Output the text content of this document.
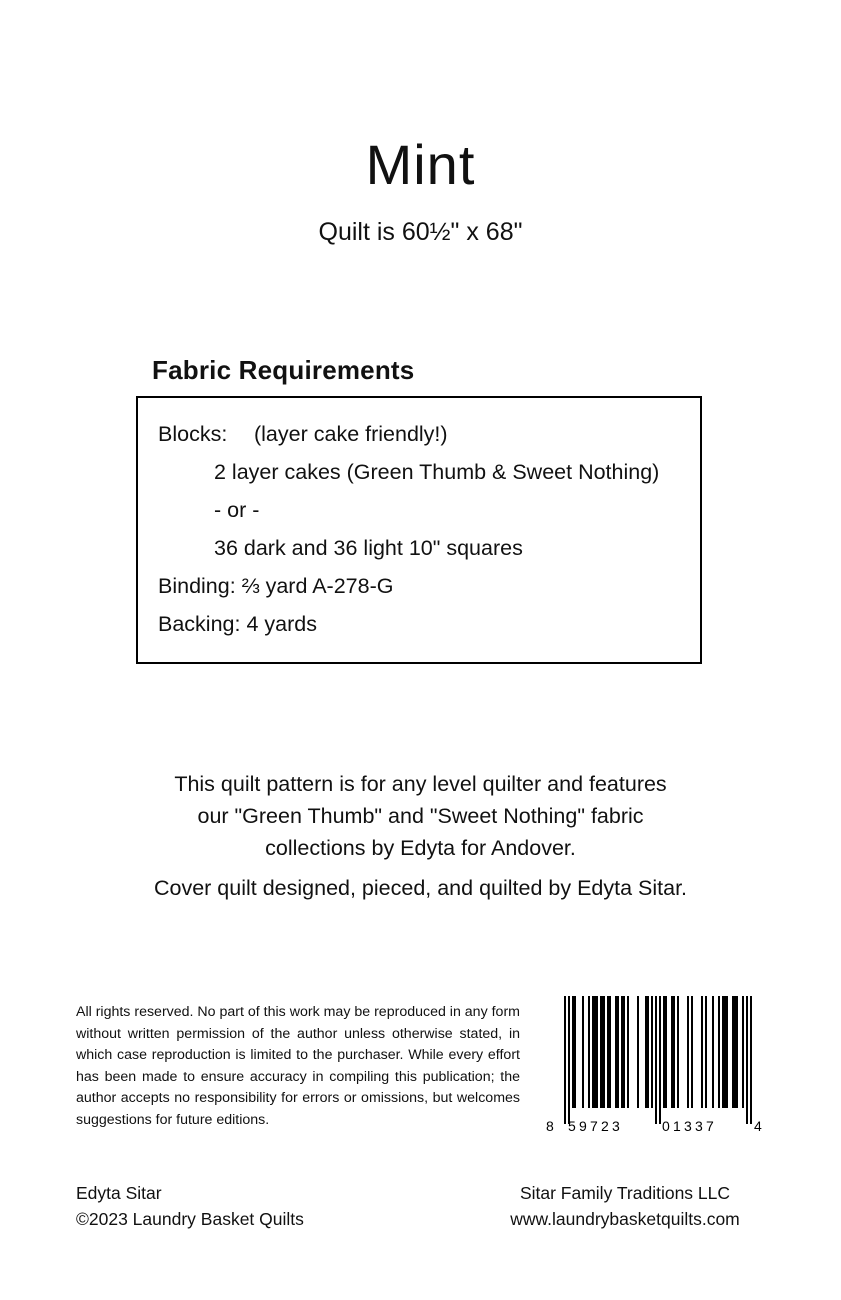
Mint
Quilt is 60½" x 68"
Fabric Requirements
Blocks: (layer cake friendly!)
2 layer cakes (Green Thumb & Sweet Nothing)
- or -
36 dark and 36 light 10" squares
Binding: ⅔ yard A-278-G
Backing: 4 yards
This quilt pattern is for any level quilter and features
our "Green Thumb" and "Sweet Nothing" fabric
collections by Edyta for Andover.
Cover quilt designed, pieced, and quilted by Edyta Sitar.
All rights reserved. No part of this work may be reproduced in any form without written permission of the author unless otherwise stated, in which case reproduction is limited to the purchaser. While every effort has been made to ensure accuracy in compiling this publication; the author accepts no responsibility for errors or omissions, but welcomes suggestions for future editions.
Edyta Sitar
©2023 Laundry Basket Quilts
Sitar Family Traditions LLC
www.laundrybasketquilts.com
8 59723	01337	4
